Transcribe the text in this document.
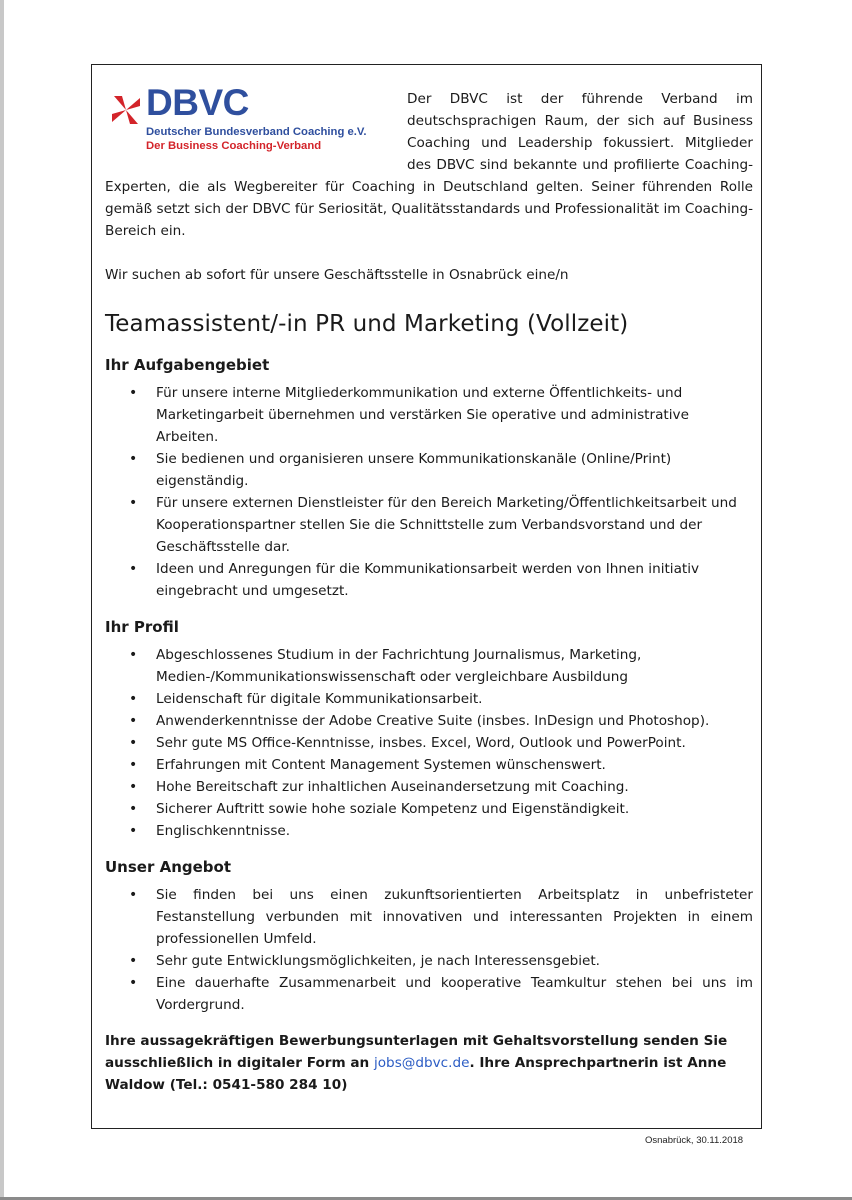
DBVC
Deutscher Bundesverband Coaching e.V.
Der Business Coaching-Verband

Der DBVC ist der führende Verband im deutschsprachigen Raum, der sich auf Business Coaching und Leadership fokussiert. Mitglieder des DBVC sind bekannte und profilierte Coaching-Experten, die als Wegbereiter für Coaching in Deutschland gelten. Seiner führenden Rolle gemäß setzt sich der DBVC für Seriosität, Qualitätsstandards und Professionalität im Coaching-Bereich ein.

Wir suchen ab sofort für unsere Geschäftsstelle in Osnabrück eine/n

Teamassistent/-in PR und Marketing (Vollzeit)
Ihr Aufgabengebiet
• Für unsere interne Mitgliederkommunikation und externe Öffentlichkeits- und Marketingarbeit übernehmen und verstärken Sie operative und administrative Arbeiten.
• Sie bedienen und organisieren unsere Kommunikationskanäle (Online/Print) eigenständig.
• Für unsere externen Dienstleister für den Bereich Marketing/Öffentlichkeitsarbeit und Kooperationspartner stellen Sie die Schnittstelle zum Verbandsvorstand und der Geschäftsstelle dar.
• Ideen und Anregungen für die Kommunikationsarbeit werden von Ihnen initiativ eingebracht und umgesetzt.
Ihr Profil
• Abgeschlossenes Studium in der Fachrichtung Journalismus, Marketing, Medien-/Kommunikationswissenschaft oder vergleichbare Ausbildung
• Leidenschaft für digitale Kommunikationsarbeit.
• Anwenderkenntnisse der Adobe Creative Suite (insbes. InDesign und Photoshop).
• Sehr gute MS Office-Kenntnisse, insbes. Excel, Word, Outlook und PowerPoint.
• Erfahrungen mit Content Management Systemen wünschenswert.
• Hohe Bereitschaft zur inhaltlichen Auseinandersetzung mit Coaching.
• Sicherer Auftritt sowie hohe soziale Kompetenz und Eigenständigkeit.
• Englischkenntnisse.
Unser Angebot
• Sie finden bei uns einen zukunftsorientierten Arbeitsplatz in unbefristeter Festanstellung verbunden mit innovativen und interessanten Projekten in einem professionellen Umfeld.
• Sehr gute Entwicklungsmöglichkeiten, je nach Interessensgebiet.
• Eine dauerhafte Zusammenarbeit und kooperative Teamkultur stehen bei uns im Vordergrund.

Ihre aussagekräftigen Bewerbungsunterlagen mit Gehaltsvorstellung senden Sie ausschließlich in digitaler Form an jobs@dbvc.de. Ihre Ansprechpartnerin ist Anne Waldow (Tel.: 0541-580 284 10)

Osnabrück, 30.11.2018
